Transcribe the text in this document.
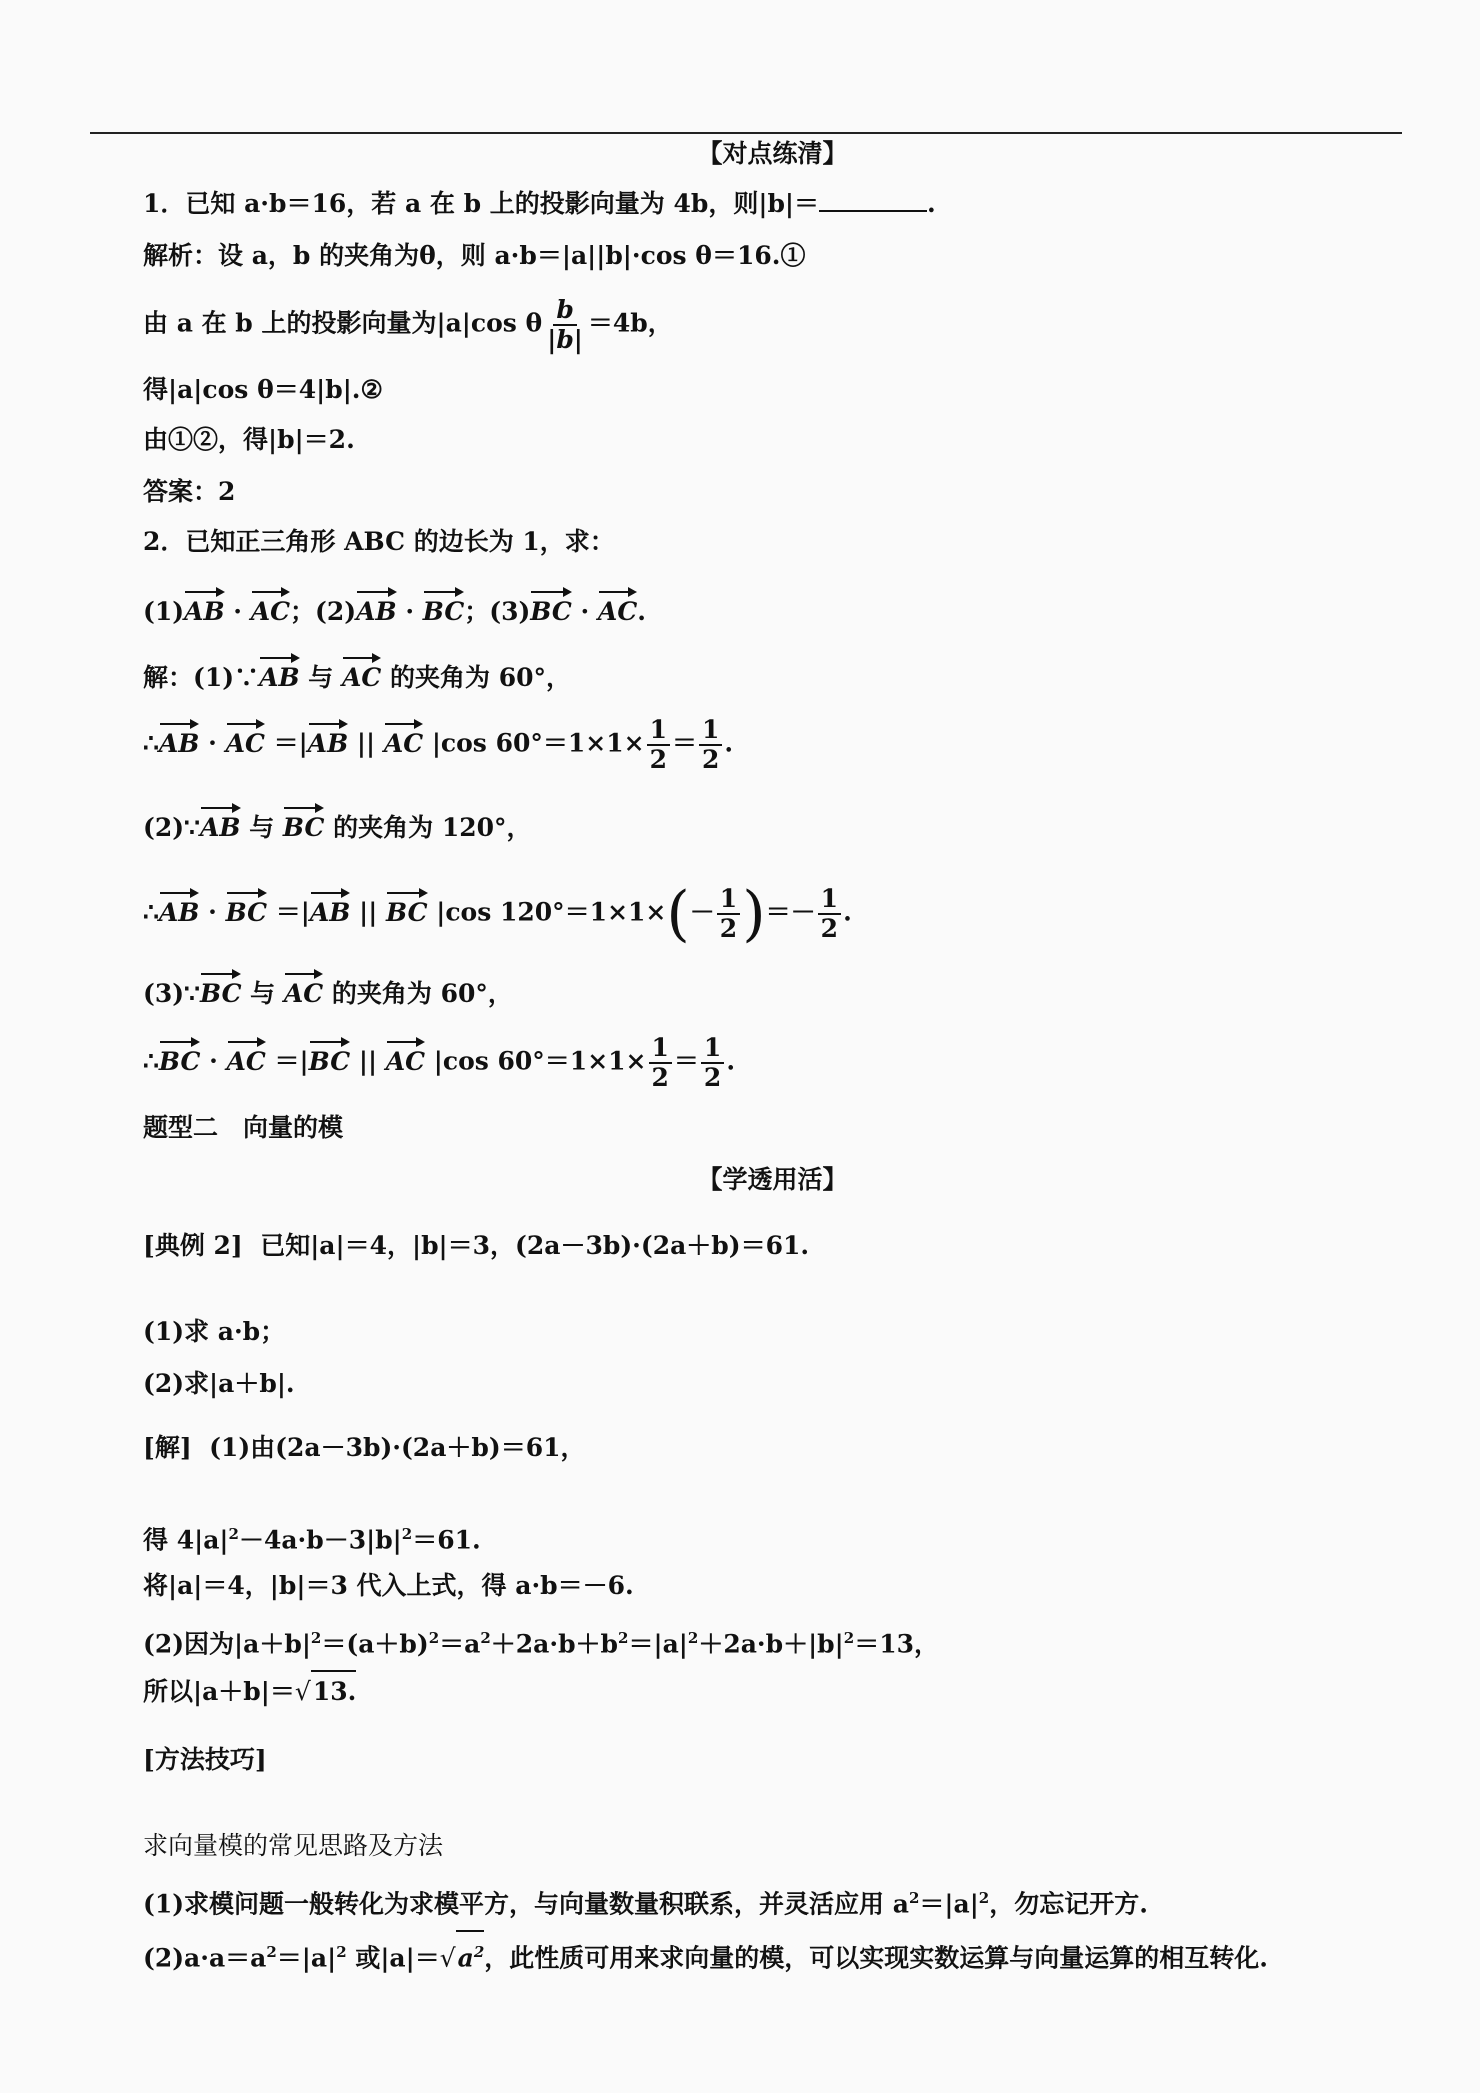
【对点练清】
1．已知 a·b＝16，若 a 在 b 上的投影向量为 4b，则|b|＝	.
解析：设 a，b 的夹角为θ，则 a·b＝|a||b|·cos θ＝16.①
由 a 在 b 上的投影向量为|a|cos θ $\frac{b}{|b|} =4b$，
得|a|cos θ＝4|b|.②
由①②，得|b|＝2.
答案：2
2．已知正三角形 ABC 的边长为 1，求：
(1)AB · AC；(2)AB · BC；(3)BC · AC.
解：(1)∵AB 与 AC 的夹角为 60°，
∴AB · AC ＝|AB || AC |cos $60^\circ=1\times 1\times \frac{1}{2} = \frac{1}{2}$ .
(2)∵AB 与 BC 的夹角为 120°，
∴AB · BC ＝|AB || BC |cos $120^\circ=1\times 1\times(- \frac{1}{2}$ )＝－ $\frac{1}{2}$ .
(3)∵BC 与 AC 的夹角为 60°，
∴BC · AC ＝|BC || AC |cos $60^\circ=1\times 1\times \frac{1}{2} = \frac{1}{2}$ .
题型二　向量的模
【学透用活】
[典例 2] 已知|a|＝4，|b|＝3，(2a－3b)·(2a＋b)＝61.
(1)求 a·b；
(2)求|a＋b|.
[解] (1)由(2a－3b)·(2a＋b)＝61，
得 $4|a|^2-4a\cdot b-3|b|^2=61$.
将|a|＝4，|b|＝3 代入上式，得 a·b＝－6.
(2)因为$|a+b|^2=(a+b)^2=a^2+2a\cdot b+b^2=|a|^2+2a\cdot b+|b|^2=13$，
所以|a＋b|＝√13.
[方法技巧]
求向量模的常见思路及方法
(1)求模问题一般转化为求模平方，与向量数量积联系，并灵活应用 $a^2=|a|^2$，勿忘记开方.
$(2)a\cdot a=a^2=|a|^2$ 或$|a|=√a^2$，此性质可用来求向量的模，可以实现实数运算与向量运算的相互转化.
